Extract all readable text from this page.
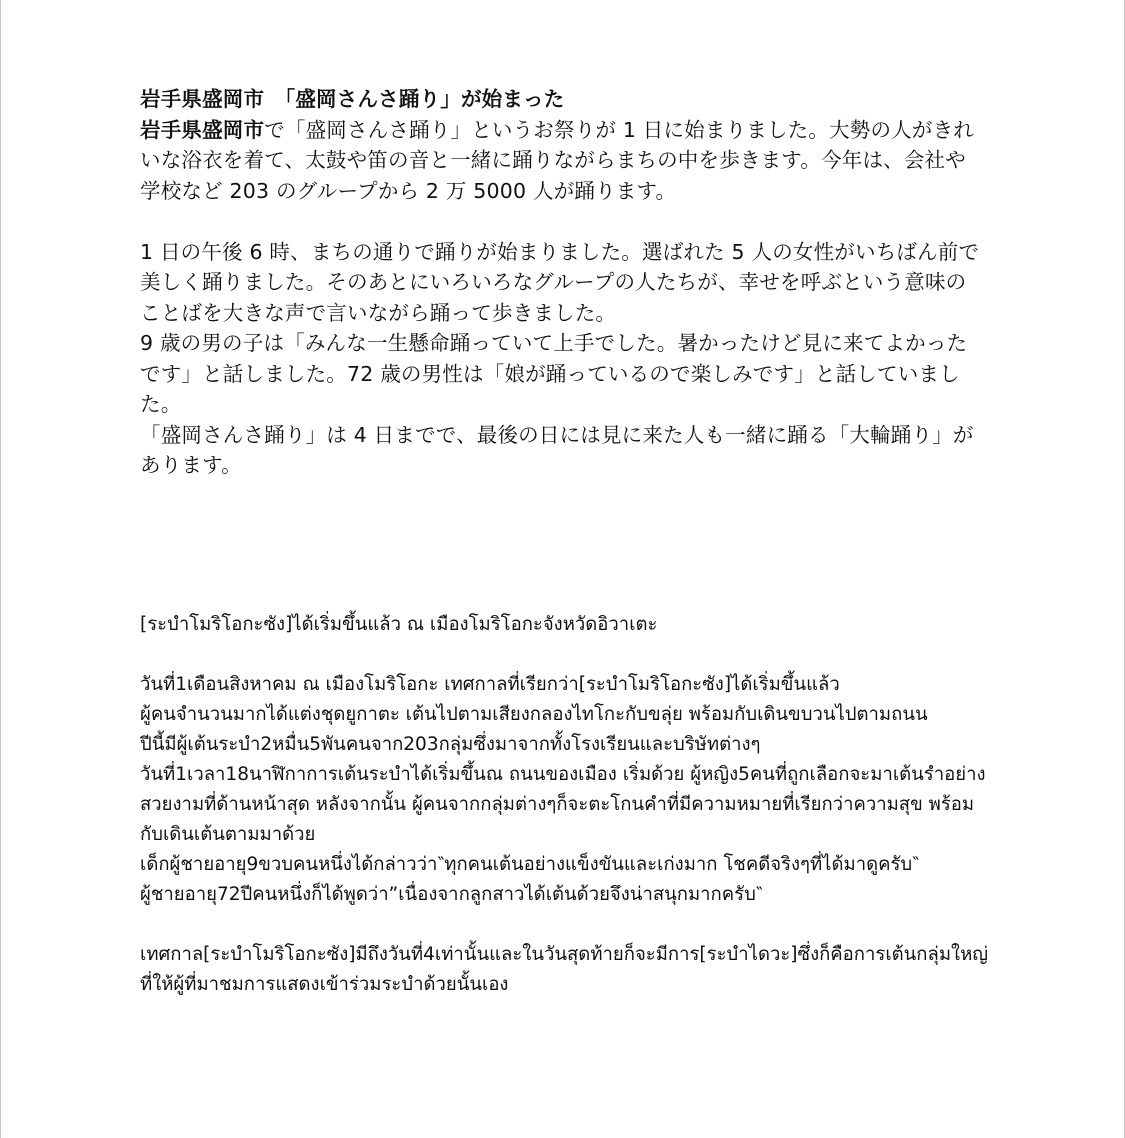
岩手県盛岡市　「盛岡さんさ踊り」が始まった

岩手県盛岡市で「盛岡さんさ踊り」というお祭りが 1 日に始まりました。大勢の人がきれいな浴衣を着て、太鼓や笛の音と一緒に踊りながらまちの中を歩きます。今年は、会社や学校など 203 のグループから 2 万 5000 人が踊ります。

1 日の午後 6 時、まちの通りで踊りが始まりました。選ばれた 5 人の女性がいちばん前で美しく踊りました。そのあとにいろいろなグループの人たちが、幸せを呼ぶという意味のことばを大きな声で言いながら踊って歩きました。

9 歳の男の子は「みんな一生懸命踊っていて上手でした。暑かったけど見に来てよかったです」と話しました。72 歳の男性は「娘が踊っているので楽しみです」と話していました。

「盛岡さんさ踊り」は 4 日までで、最後の日には見に来た人も一緒に踊る「大輪踊り」があります。

[ระบำโมริโอกะซัง]ได้เริ่มขึ้นแล้ว ณ เมืองโมริโอกะจังหวัดอิวาเตะ

วันที่1เดือนสิงหาคม ณ เมืองโมริโอกะ เทศกาลที่เรียกว่า[ระบำโมริโอกะซัง]ได้เริ่มขึ้นแล้ว

ผู้คนจำนวนมากได้แต่งชุดยูกาตะ เต้นไปตามเสียงกลองไทโกะกับขลุ่ย พร้อมกับเดินขบวนไปตามถนน

ปีนี้มีผู้เต้นระบำ2หมื่น5พันคนจาก203กลุ่มซึ่งมาจากทั้งโรงเรียนและบริษัทต่างๆ

วันที่1เวลา18นาฬิกาการเต้นระบำได้เริ่มขึ้นณ ถนนของเมือง เริ่มด้วย ผู้หญิง5คนที่ถูกเลือกจะมาเต้นรำอย่างสวยงามที่ด้านหน้าสุด หลังจากนั้น ผู้คนจากกลุ่มต่างๆก็จะตะโกนคำที่มีความหมายที่เรียกว่าความสุข พร้อมกับเดินเต้นตามมาด้วย

เด็กผู้ชายอายุ9ขวบคนหนึ่งได้กล่าวว่า‶ทุกคนเต้นอย่างแข็งขันและเก่งมาก โชคดีจริงๆที่ได้มาดูครับ‶

ผู้ชายอายุ72ปีคนหนึ่งก็ได้พูดว่า”เนื่องจากลูกสาวได้เต้นด้วยจึงน่าสนุกมากครับ‶

เทศกาล[ระบำโมริโอกะซัง]มีถึงวันที่4เท่านั้นและในวันสุดท้ายก็จะมีการ[ระบำไดวะ]ซึ่งก็คือการเต้นกลุ่มใหญ่ที่ให้ผู้ที่มาชมการแสดงเข้าร่วมระบำด้วยนั้นเอง
